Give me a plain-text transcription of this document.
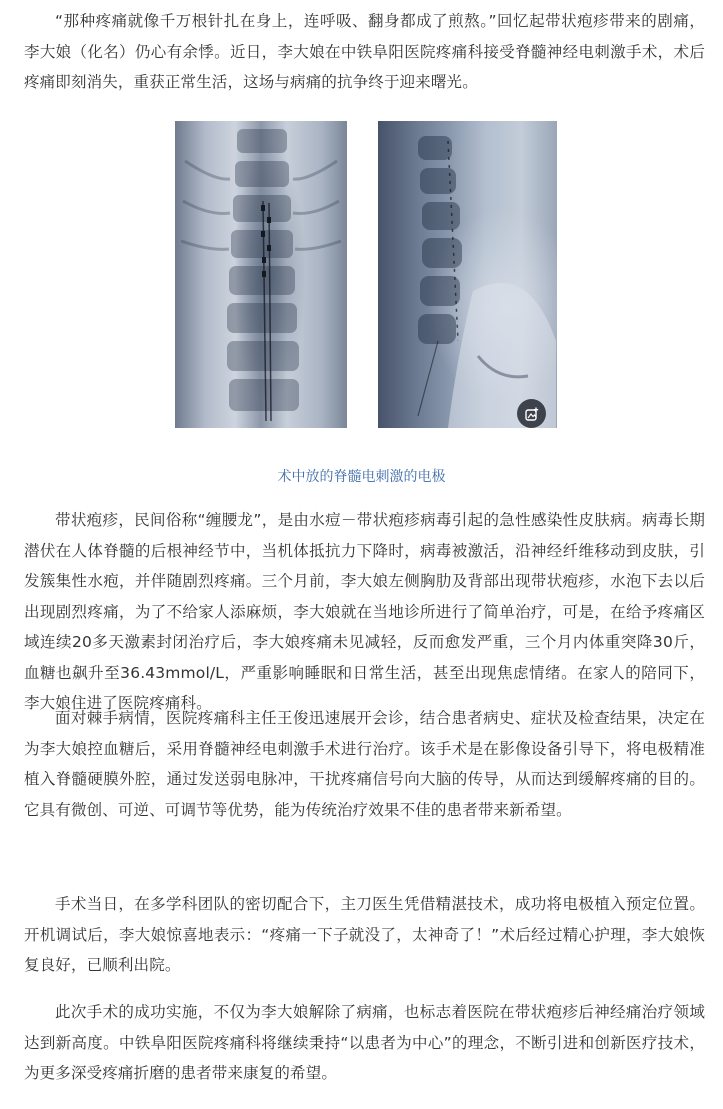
“那种疼痛就像千万根针扎在身上，连呼吸、翻身都成了煎熬。”回忆起带状疱疹带来的剧痛，李大娘（化名）仍心有余悸。近日，李大娘在中铁阜阳医院疼痛科接受脊髓神经电刺激手术，术后疼痛即刻消失，重获正常生活，这场与病痛的抗争终于迎来曙光。

术中放的脊髓电刺激的电极

带状疱疹，民间俗称“缠腰龙”，是由水痘－带状疱疹病毒引起的急性感染性皮肤病。病毒长期潜伏在人体脊髓的后根神经节中，当机体抵抗力下降时，病毒被激活，沿神经纤维移动到皮肤，引发簇集性水疱，并伴随剧烈疼痛。三个月前，李大娘左侧胸肋及背部出现带状疱疹，水泡下去以后出现剧烈疼痛，为了不给家人添麻烦，李大娘就在当地诊所进行了简单治疗，可是，在给予疼痛区域连续20多天激素封闭治疗后，李大娘疼痛未见减轻，反而愈发严重，三个月内体重突降30斤，血糖也飙升至36.43mmol/L，严重影响睡眠和日常生活，甚至出现焦虑情绪。在家人的陪同下，李大娘住进了医院疼痛科。

面对棘手病情，医院疼痛科主任王俊迅速展开会诊，结合患者病史、症状及检查结果，决定在为李大娘控血糖后，采用脊髓神经电刺激手术进行治疗。该手术是在影像设备引导下，将电极精准植入脊髓硬膜外腔，通过发送弱电脉冲，干扰疼痛信号向大脑的传导，从而达到缓解疼痛的目的。它具有微创、可逆、可调节等优势，能为传统治疗效果不佳的患者带来新希望。

手术当日，在多学科团队的密切配合下，主刀医生凭借精湛技术，成功将电极植入预定位置。开机调试后，李大娘惊喜地表示：“疼痛一下子就没了，太神奇了！”术后经过精心护理，李大娘恢复良好，已顺利出院。

此次手术的成功实施，不仅为李大娘解除了病痛，也标志着医院在带状疱疹后神经痛治疗领域达到新高度。中铁阜阳医院疼痛科将继续秉持“以患者为中心”的理念，不断引进和创新医疗技术，为更多深受疼痛折磨的患者带来康复的希望。
